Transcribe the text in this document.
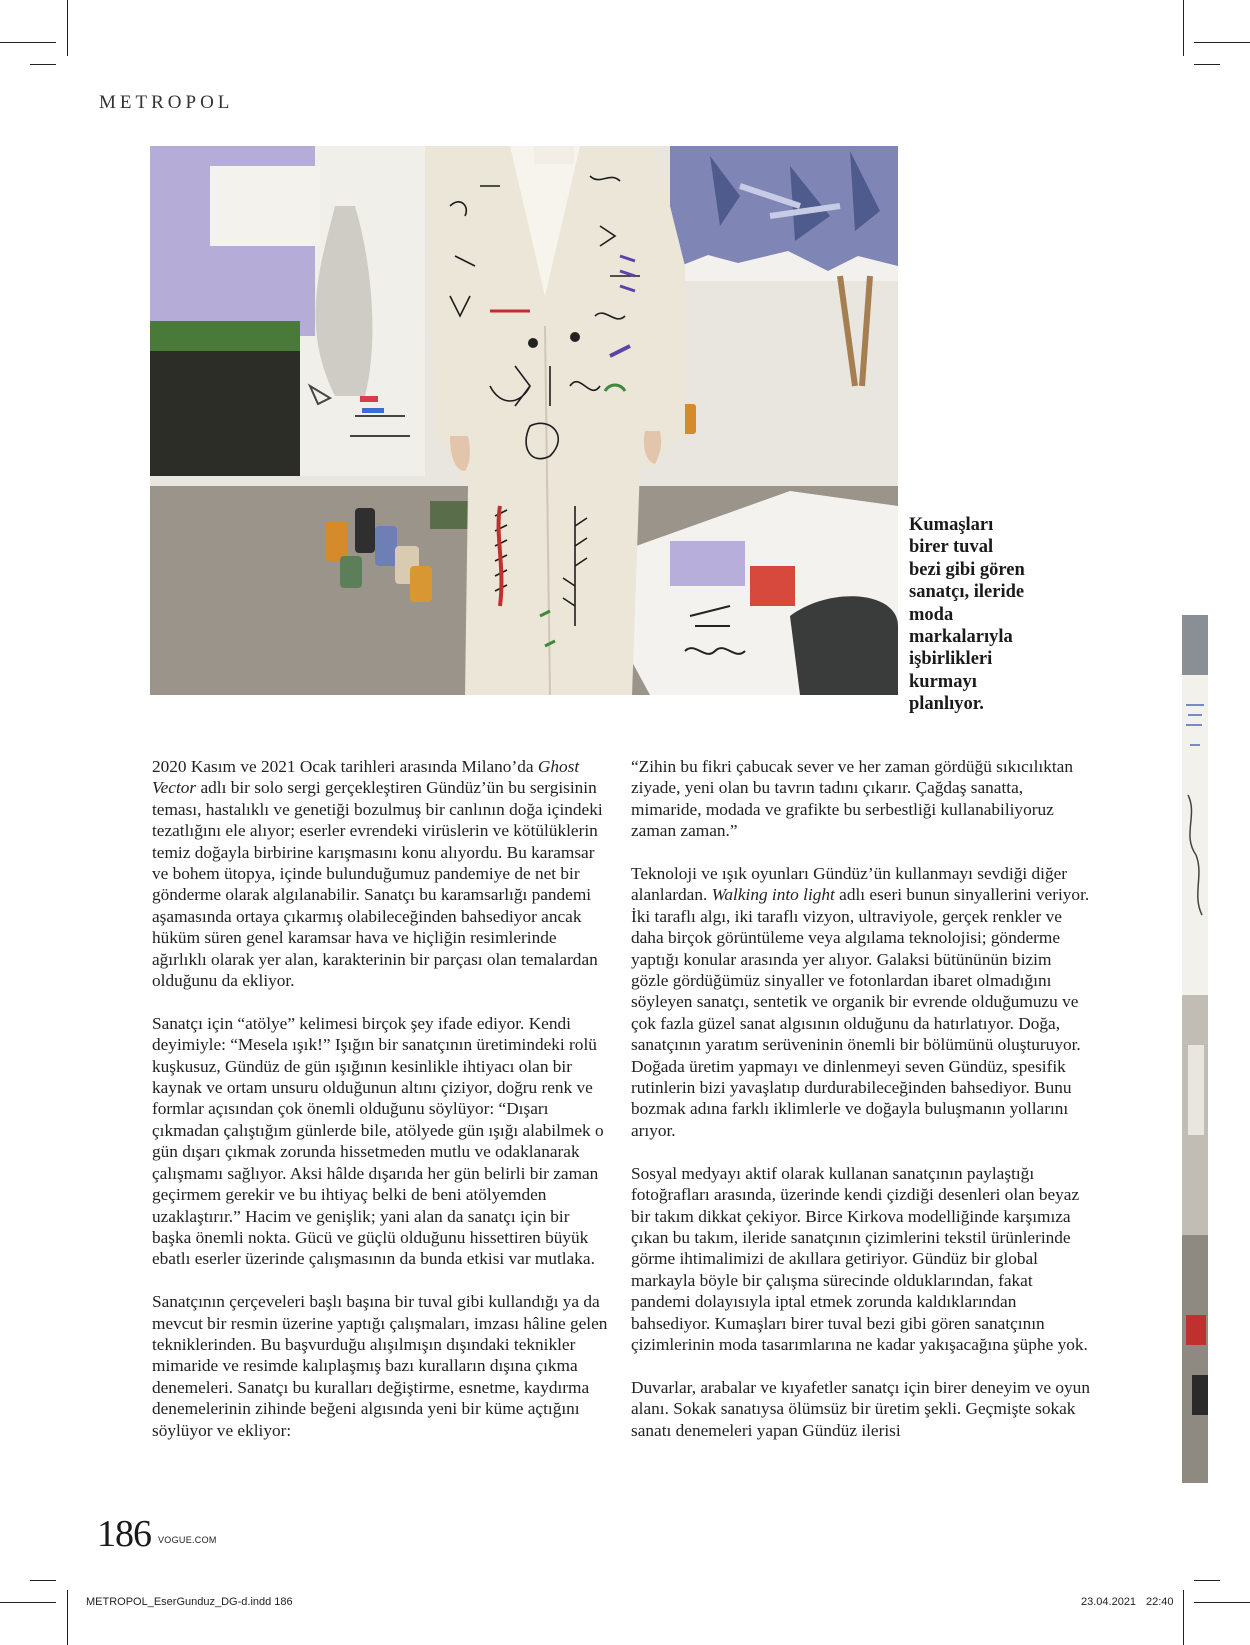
METROPOL
Kumaşları birer tuval bezi gibi gören sanatçı, ileride moda markalarıyla işbirlikleri kurmayı planlıyor.

2020 Kasım ve 2021 Ocak tarihleri arasında Milano’da Ghost Vector adlı bir solo sergi gerçekleştiren Gündüz’ün bu sergisinin teması, hastalıklı ve genetiği bozulmuş bir canlının doğa içindeki tezatlığını ele alıyor; eserler evrendeki virüslerin ve kötülüklerin temiz doğayla birbirine karışmasını konu alıyordu. Bu karamsar ve bohem ütopya, içinde bulunduğumuz pandemiye de net bir gönderme olarak algılanabilir. Sanatçı bu karamsarlığı pandemi aşamasında ortaya çıkarmış olabileceğinden bahsediyor ancak hüküm süren genel karamsar hava ve hiçliğin resimlerinde ağırlıklı olarak yer alan, karakterinin bir parçası olan temalardan olduğunu da ekliyor.

Sanatçı için “atölye” kelimesi birçok şey ifade ediyor. Kendi deyimiyle: “Mesela ışık!” Işığın bir sanatçının üretimindeki rolü kuşkusuz, Gündüz de gün ışığının kesinlikle ihtiyacı olan bir kaynak ve ortam unsuru olduğunun altını çiziyor, doğru renk ve formlar açısından çok önemli olduğunu söylüyor: “Dışarı çıkmadan çalıştığım günlerde bile, atölyede gün ışığı alabilmek o gün dışarı çıkmak zorunda hissetmeden mutlu ve odaklanarak çalışmamı sağlıyor. Aksi hâlde dışarıda her gün belirli bir zaman geçirmem gerekir ve bu ihtiyaç belki de beni atölyemden uzaklaştırır.” Hacim ve genişlik; yani alan da sanatçı için bir başka önemli nokta. Gücü ve güçlü olduğunu hissettiren büyük ebatlı eserler üzerinde çalışmasının da bunda etkisi var mutlaka.

Sanatçının çerçeveleri başlı başına bir tuval gibi kullandığı ya da mevcut bir resmin üzerine yaptığı çalışmaları, imzası hâline gelen tekniklerinden. Bu başvurduğu alışılmışın dışındaki teknikler mimaride ve resimde kalıplaşmış bazı kuralların dışına çıkma denemeleri. Sanatçı bu kuralları değiştirme, esnetme, kaydırma denemelerinin zihinde beğeni algısında yeni bir küme açtığını söylüyor ve ekliyor:

“Zihin bu fikri çabucak sever ve her zaman gördüğü sıkıcılıktan ziyade, yeni olan bu tavrın tadını çıkarır. Çağdaş sanatta, mimaride, modada ve grafikte bu serbestliği kullanabiliyoruz zaman zaman.”

Teknoloji ve ışık oyunları Gündüz’ün kullanmayı sevdiği diğer alanlardan. Walking into light adlı eseri bunun sinyallerini veriyor. İki taraflı algı, iki taraflı vizyon, ultraviyole, gerçek renkler ve daha birçok görüntüleme veya algılama teknolojisi; gönderme yaptığı konular arasında yer alıyor. Galaksi bütününün bizim gözle gördüğümüz sinyaller ve fotonlardan ibaret olmadığını söyleyen sanatçı, sentetik ve organik bir evrende olduğumuzu ve çok fazla güzel sanat algısının olduğunu da hatırlatıyor. Doğa, sanatçının yaratım serüveninin önemli bir bölümünü oluşturuyor. Doğada üretim yapmayı ve dinlenmeyi seven Gündüz, spesifik rutinlerin bizi yavaşlatıp durdurabileceğinden bahsediyor. Bunu bozmak adına farklı iklimlerle ve doğayla buluşmanın yollarını arıyor.

Sosyal medyayı aktif olarak kullanan sanatçının paylaştığı fotoğrafları arasında, üzerinde kendi çizdiği desenleri olan beyaz bir takım dikkat çekiyor. Birce Kirkova modelliğinde karşımıza çıkan bu takım, ileride sanatçının çizimlerini tekstil ürünlerinde görme ihtimalimizi de akıllara getiriyor. Gündüz bir global markayla böyle bir çalışma sürecinde olduklarından, fakat pandemi dolayısıyla iptal etmek zorunda kaldıklarından bahsediyor. Kumaşları birer tuval bezi gibi gören sanatçının çizimlerinin moda tasarımlarına ne kadar yakışacağına şüphe yok.

Duvarlar, arabalar ve kıyafetler sanatçı için birer deneyim ve oyun alanı. Sokak sanatıysa ölümsüz bir üretim şekli. Geçmişte sokak sanatı denemeleri yapan Gündüz ilerisi

186 VOGUE.COM
METROPOL_EserGunduz_DG-d.indd 186	23.04.2021 22:40
